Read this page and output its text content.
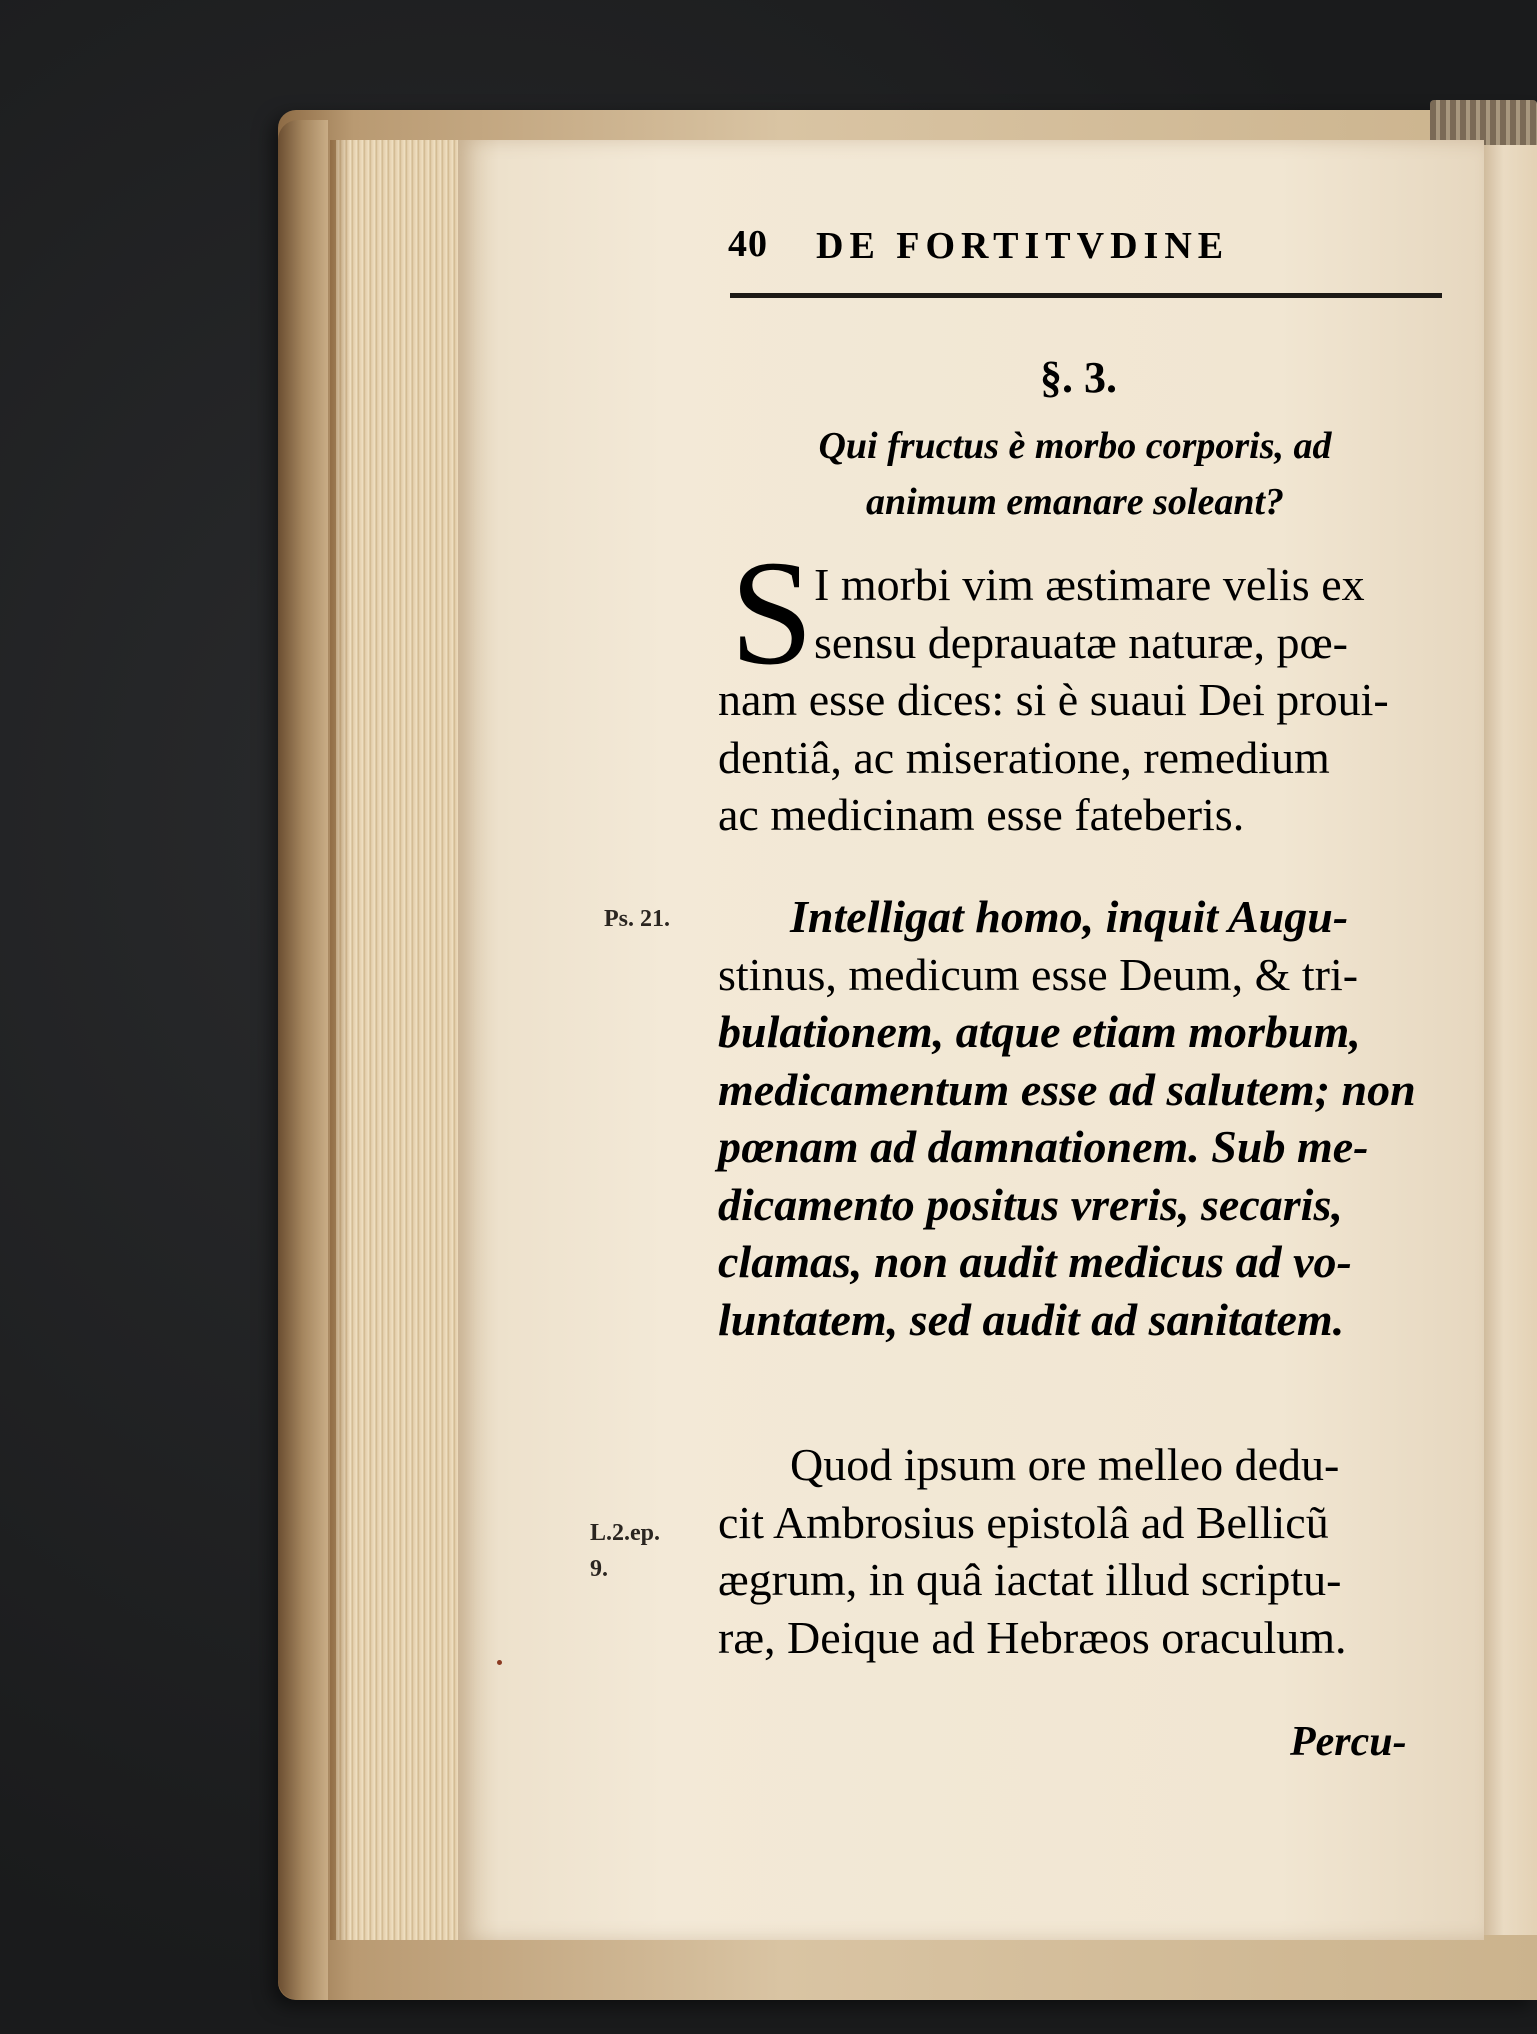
40 DE FORTITVDINE
§. 3.
Qui fructus è morbo corporis, ad
animum emanare soleant?
S I morbi vim æstimare velis ex
sensu deprauatæ naturæ, pœ-
nam esse dices: si è suaui Dei proui-
dentiâ, ac miseratione, remedium
ac medicinam esse fateberis.
Ps. 21.	Intelligat homo, inquit Augu-
stinus, medicum esse Deum, & tri-
bulationem, atque etiam morbum,
medicamentum esse ad salutem; non
pœnam ad damnationem. Sub me-
dicamento positus vreris, secaris,
clamas, non audit medicus ad vo-
luntatem, sed audit ad sanitatem.
L.2.ep.
9.
Quod ipsum ore melleo dedu-
cit Ambrosius epistolâ ad Bellicũ
ægrum, in quâ iactat illud scriptu-
ræ, Deique ad Hebræos oraculum.
Percu-
